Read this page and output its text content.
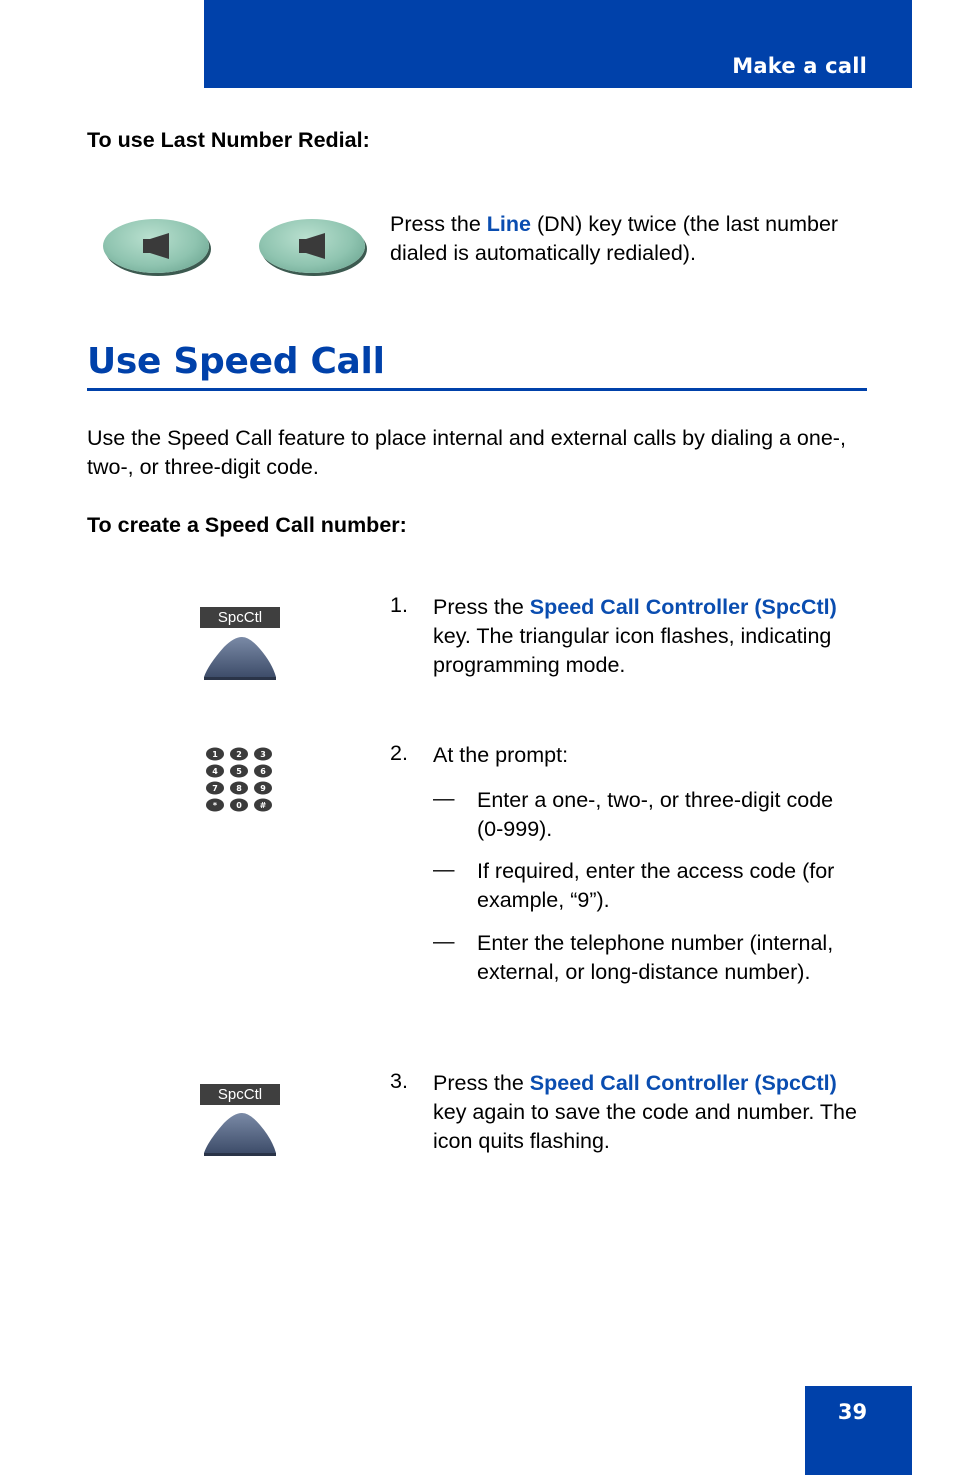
Make a call
To use Last Number Redial:
Press the Line (DN) key twice (the last number dialed is automatically redialed).
Use Speed Call
Use the Speed Call feature to place internal and external calls by dialing a one-, two-, or three-digit code.
To create a Speed Call number:
SpcCtl
1. Press the Speed Call Controller (SpcCtl) key. The triangular icon flashes, indicating programming mode.
1 2 3
4 5 6
7 8 9
* 0 #
2. At the prompt:
— Enter a one-, two-, or three-digit code (0-999).
— If required, enter the access code (for example, “9”).
— Enter the telephone number (internal, external, or long-distance number).
SpcCtl
3. Press the Speed Call Controller (SpcCtl) key again to save the code and number. The icon quits flashing.
39
